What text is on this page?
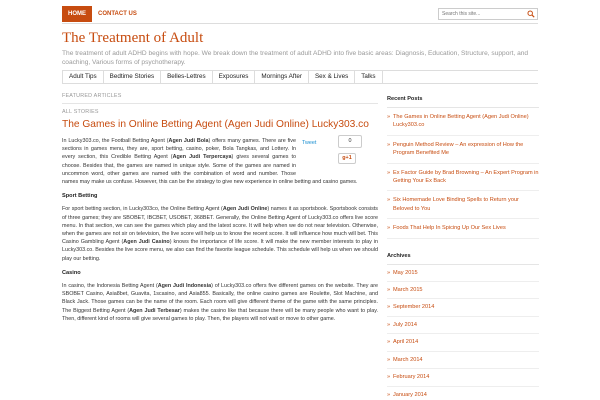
HOME	CONTACT US
Search this site...
The Treatment of Adult
The treatment of adult ADHD begins with hope. We break down the treatment of adult ADHD into five basic areas: Diagnosis, Education, Structure, support, and coaching, Various forms of psychotherapy.
Adult Tips	Bedtime Stories	Belles-Lettres	Exposures	Mornings After	Sex & Lives	Talks
FEATURED ARTICLES
ALL STORIES
The Games in Online Betting Agent (Agen Judi Online) Lucky303.co
Tweet	0
g+1

In Lucky303.co, the Football Betting Agent (Agen Judi Bola) offers many games. There are five sections in games menu, they are, sport betting, casino, poker, Bola Tangkas, and Lottery. In every section, this Credible Betting Agent (Agen Judi Terpercaya) gives several games to choose. Besides that, the games are named in unique style. Some of the games are named in uncommon word, other games are named with the combination of word and number. Those names may make us confuse. However, this can be the strategy to give new experience in online betting and casino games.

Sport Betting

For sport betting section, in Lucky303co, the Online Betting Agent (Agen Judi Online) names it as sportsbook. Sportsbook consists of three games; they are SBOBET, IBCBET, USOBET, 368BET. Generally, the Online Betting Agent of Lucky303.co offers live score menu. In that section, we can see the games which play and the latest score. It will help when we do not near television. Otherwise, when the games are not sir on television, the live score will help us to know the recent score. It will influence how much will bet. This Casino Gambling Agent (Agen Judi Casino) knows the importance of life score. It will make the new member interests to play in Lucky303.co. Besides the live score menu, we also can find the favorite league schedule. This schedule will help us when we should play our betting.

Casino

In casino, the Indonesia Betting Agent (Agen Judi Indonesia) of Lucky303.co offers five different games on the website. They are SBOBET Casino, Asia8bet, Guavita, 1scasino, and Asia855. Basically, the online casino games are Roulette, Slot Machine, and Black Jack. Those games can be the name of the room. Each room will give different theme of the game with the same principles. The Biggest Betting Agent (Agen Judi Terbesar) makes the casino like that because there will be many people who want to play. Then, different kind of rooms will give several games to play. Then, the players will not wait or move to other game.

Recent Posts
» The Games in Online Betting Agent (Agen Judi Online) Lucky303.co
» Penguin Method Review – An expression of How the Program Benefited Me
» Ex Factor Guide by Brad Browning – An Expert Program in Getting Your Ex Back
» Six Homemade Love Binding Spells to Return your Beloved to You
» Foods That Help In Spicing Up Our Sex Lives
Archives
» May 2015
» March 2015
» September 2014
» July 2014
» April 2014
» March 2014
» February 2014
» January 2014
